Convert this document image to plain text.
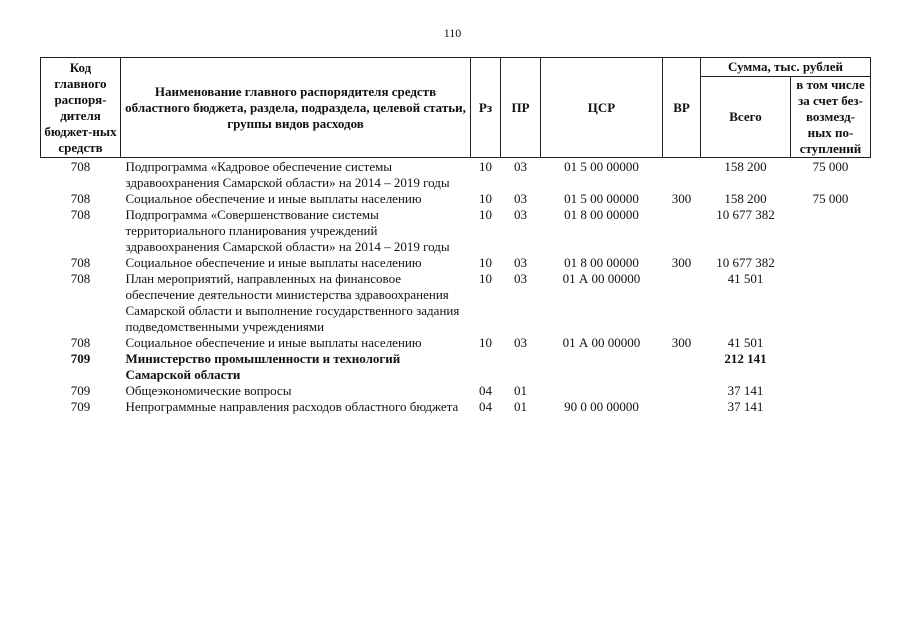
110
Код главного распоря-дителя бюджет-ных средств	Наименование главного распорядителя средств областного бюджета, раздела, подраздела, целевой статьи, группы видов расходов	Рз	ПР	ЦСР	ВР	Сумма, тыс. рублей	
						Всего	в том числе за счет без-возмезд-ных по-ступлений
708	Подпрограмма «Кадровое обеспечение системы здравоохранения Самарской области» на 2014 – 2019 годы	10	03	01 5 00 00000		158 200	75 000
708	Социальное обеспечение и иные выплаты населению	10	03	01 5 00 00000	300	158 200	75 000
708	Подпрограмма «Совершенствование системы территориального планирования учреждений здравоохранения Самарской области» на 2014 – 2019 годы	10	03	01 8 00 00000		10 677 382	
708	Социальное обеспечение и иные выплаты населению	10	03	01 8 00 00000	300	10 677 382	
708	План мероприятий, направленных на финансовое обеспечение деятельности министерства здравоохранения Самарской области и выполнение государственного задания подведомственными учреждениями	10	03	01 А 00 00000		41 501	
708	Социальное обеспечение и иные выплаты населению	10	03	01 А 00 00000	300	41 501	
709	Министерство промышленности и технологий Самарской области					212 141	
709	Общеэкономические вопросы	04	01			37 141	
709	Непрограммные направления расходов областного бюджета	04	01	90 0 00 00000		37 141	
